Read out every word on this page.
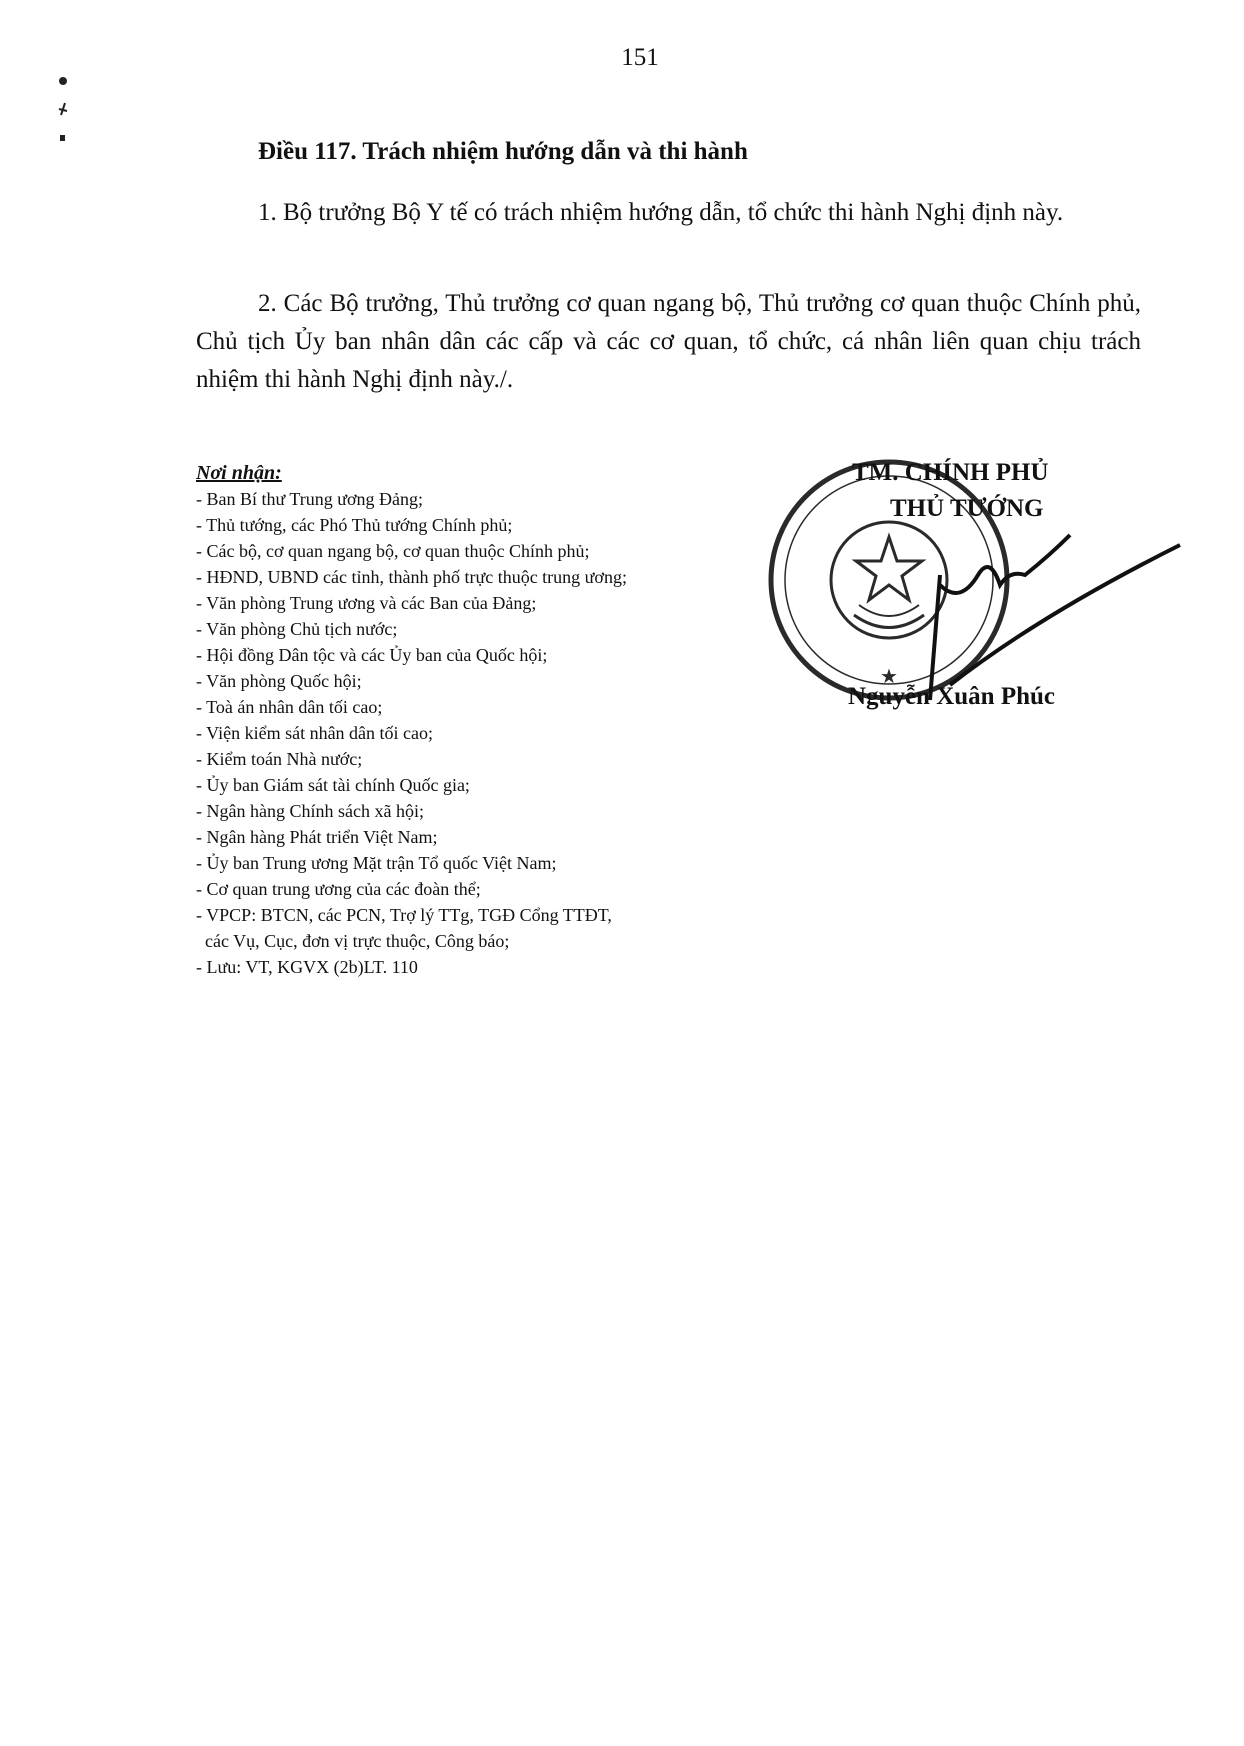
151
Điều 117. Trách nhiệm hướng dẫn và thi hành

1. Bộ trưởng Bộ Y tế có trách nhiệm hướng dẫn, tổ chức thi hành Nghị định này.

2. Các Bộ trưởng, Thủ trưởng cơ quan ngang bộ, Thủ trưởng cơ quan thuộc Chính phủ, Chủ tịch Ủy ban nhân dân các cấp và các cơ quan, tổ chức, cá nhân liên quan chịu trách nhiệm thi hành Nghị định này./.

Nơi nhận:
- Ban Bí thư Trung ương Đảng;
- Thủ tướng, các Phó Thủ tướng Chính phủ;
- Các bộ, cơ quan ngang bộ, cơ quan thuộc Chính phủ;
- HĐND, UBND các tỉnh, thành phố trực thuộc trung ương;
- Văn phòng Trung ương và các Ban của Đảng;
- Văn phòng Chủ tịch nước;
- Hội đồng Dân tộc và các Ủy ban của Quốc hội;
- Văn phòng Quốc hội;
- Toà án nhân dân tối cao;
- Viện kiểm sát nhân dân tối cao;
- Kiểm toán Nhà nước;
- Ủy ban Giám sát tài chính Quốc gia;
- Ngân hàng Chính sách xã hội;
- Ngân hàng Phát triển Việt Nam;
- Ủy ban Trung ương Mặt trận Tổ quốc Việt Nam;
- Cơ quan trung ương của các đoàn thể;
- VPCP: BTCN, các PCN, Trợ lý TTg, TGĐ Cổng TTĐT,
các Vụ, Cục, đơn vị trực thuộc, Công báo;
- Lưu: VT, KGVX (2b)LT. 110
★
TM. CHÍNH PHỦ
THỦ TƯỚNG
Nguyễn Xuân Phúc
